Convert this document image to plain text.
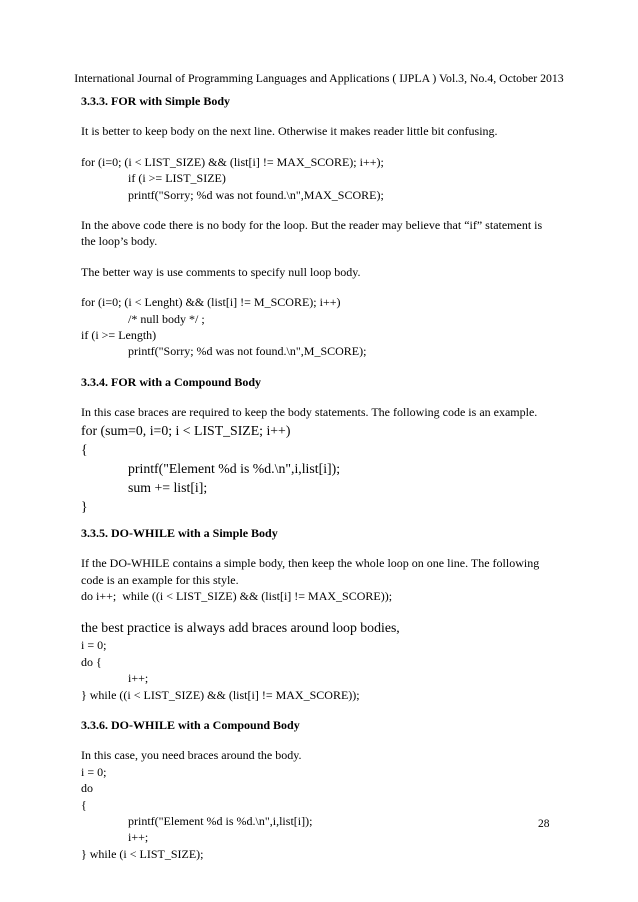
International Journal of Programming Languages and Applications ( IJPLA ) Vol.3, No.4, October 2013
3.3.3. FOR with Simple Body
It is better to keep body on the next line. Otherwise it makes reader little bit confusing.
for (i=0; (i < LIST_SIZE) && (list[i] != MAX_SCORE); i++);
if (i >= LIST_SIZE)
printf("Sorry; %d was not found.\n",MAX_SCORE);
In the above code there is no body for the loop. But the reader may believe that “if” statement is
the loop’s body.
The better way is use comments to specify null loop body.
for (i=0; (i < Lenght) && (list[i] != M_SCORE); i++)
/* null body */ ;
if (i >= Length)
printf("Sorry; %d was not found.\n",M_SCORE);
3.3.4. FOR with a Compound Body
In this case braces are required to keep the body statements. The following code is an example.
for (sum=0, i=0; i < LIST_SIZE; i++)
{
printf("Element %d is %d.\n",i,list[i]);
sum += list[i];
}
3.3.5. DO-WHILE with a Simple Body
If the DO-WHILE contains a simple body, then keep the whole loop on one line. The following
code is an example for this style.
do i++;  while ((i < LIST_SIZE) && (list[i] != MAX_SCORE));
the best practice is always add braces around loop bodies,
i = 0;
do {
i++;
} while ((i < LIST_SIZE) && (list[i] != MAX_SCORE));
3.3.6. DO-WHILE with a Compound Body
In this case, you need braces around the body.
i = 0;
do
{
printf("Element %d is %d.\n",i,list[i]);
i++;
} while (i < LIST_SIZE);
28
